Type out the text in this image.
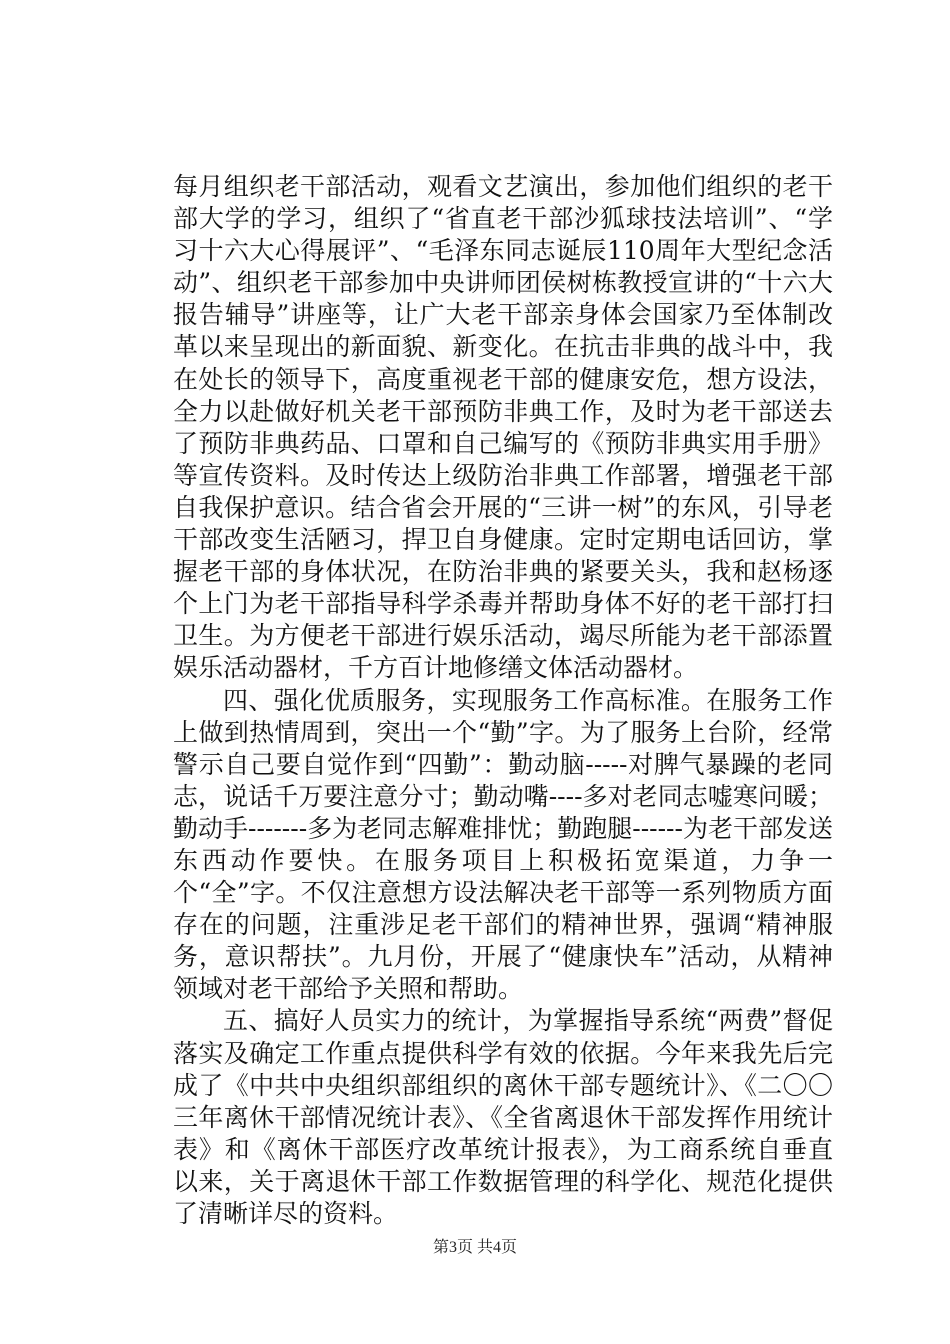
每月组织老干部活动，观看文艺演出，参加他们组织的老干部大学的学习，组织了“省直老干部沙狐球技法培训”、“学习十六大心得展评”、“毛泽东同志诞辰110周年大型纪念活动”、组织老干部参加中央讲师团侯树栋教授宣讲的“十六大报告辅导”讲座等，让广大老干部亲身体会国家乃至体制改革以来呈现出的新面貌、新变化。在抗击非典的战斗中，我在处长的领导下，高度重视老干部的健康安危，想方设法，全力以赴做好机关老干部预防非典工作，及时为老干部送去了预防非典药品、口罩和自己编写的《预防非典实用手册》等宣传资料。及时传达上级防治非典工作部署，增强老干部自我保护意识。结合省会开展的“三讲一树”的东风，引导老干部改变生活陋习，捍卫自身健康。定时定期电话回访，掌握老干部的身体状况，在防治非典的紧要关头，我和赵杨逐个上门为老干部指导科学杀毒并帮助身体不好的老干部打扫卫生。为方便老干部进行娱乐活动，竭尽所能为老干部添置娱乐活动器材，千方百计地修缮文体活动器材。

四、强化优质服务，实现服务工作高标准。在服务工作上做到热情周到，突出一个“勤”字。为了服务上台阶，经常警示自己要自觉作到“四勤”：勤动脑-----对脾气暴躁的老同志，说话千万要注意分寸；勤动嘴----多对老同志嘘寒问暖；勤动手-------多为老同志解难排忧；勤跑腿------为老干部发送东西动作要快。在服务项目上积极拓宽渠道，力争一个“全”字。不仅注意想方设法解决老干部等一系列物质方面存在的问题，注重涉足老干部们的精神世界，强调“精神服务，意识帮扶”。九月份，开展了“健康快车”活动，从精神领域对老干部给予关照和帮助。

五、搞好人员实力的统计，为掌握指导系统“两费”督促落实及确定工作重点提供科学有效的依据。今年来我先后完成了《中共中央组织部组织的离休干部专题统计》、《二〇〇三年离休干部情况统计表》、《全省离退休干部发挥作用统计表》和《离休干部医疗改革统计报表》，为工商系统自垂直以来，关于离退休干部工作数据管理的科学化、规范化提供了清晰详尽的资料。

第3页 共4页
